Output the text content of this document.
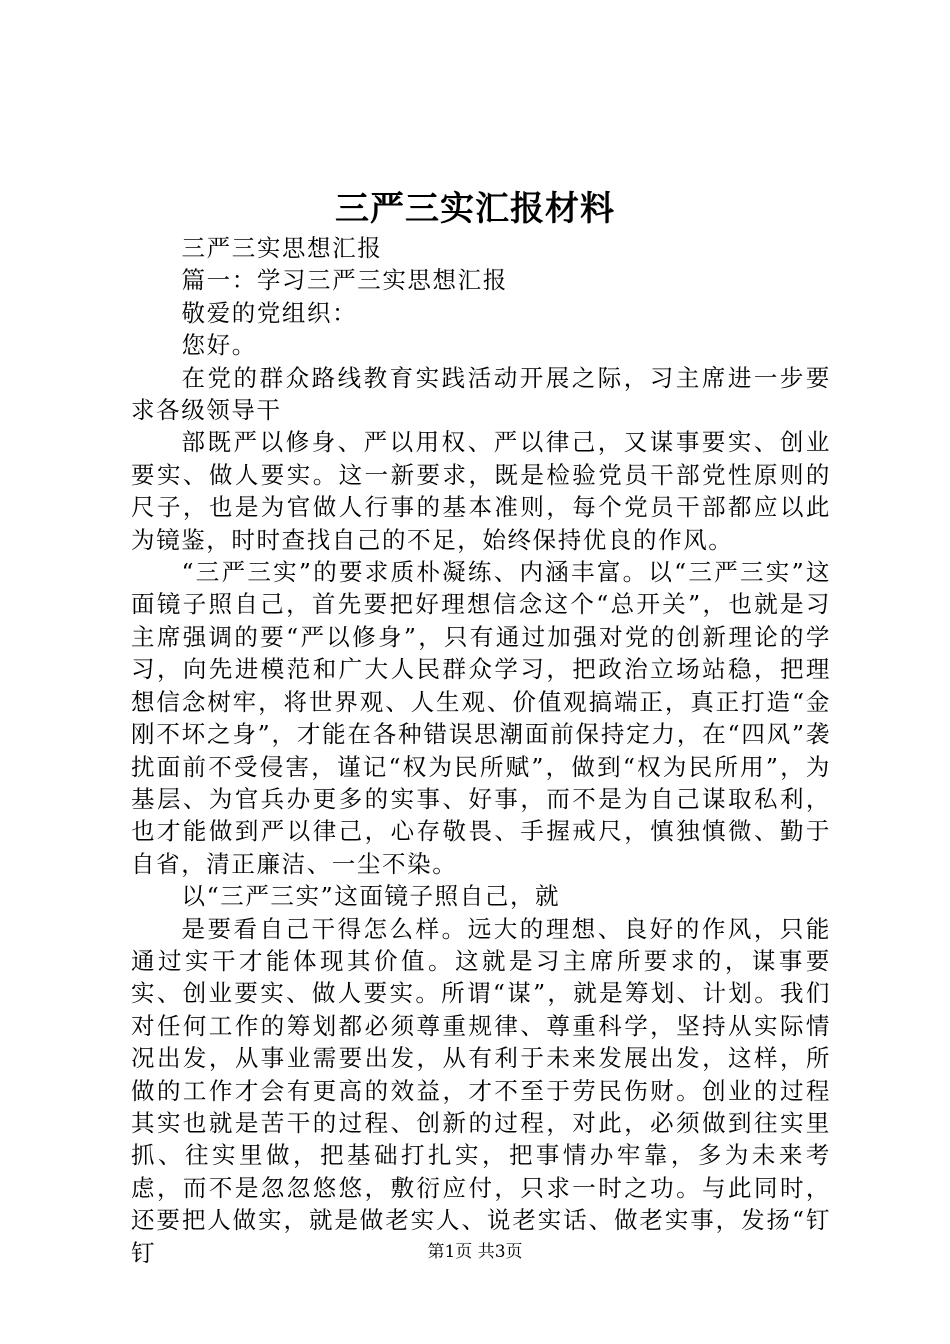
三严三实汇报材料

三严三实思想汇报

篇一：学习三严三实思想汇报

敬爱的党组织：

您好。

在党的群众路线教育实践活动开展之际，习主席进一步要求各级领导干

部既严以修身、严以用权、严以律己，又谋事要实、创业要实、做人要实。这一新要求，既是检验党员干部党性原则的尺子，也是为官做人行事的基本准则，每个党员干部都应以此为镜鉴，时时查找自己的不足，始终保持优良的作风。

“三严三实”的要求质朴凝练、内涵丰富。以“三严三实”这面镜子照自己，首先要把好理想信念这个“总开关”，也就是习主席强调的要“严以修身”，只有通过加强对党的创新理论的学习，向先进模范和广大人民群众学习，把政治立场站稳，把理想信念树牢，将世界观、人生观、价值观搞端正，真正打造“金刚不坏之身”，才能在各种错误思潮面前保持定力，在“四风”袭扰面前不受侵害，谨记“权为民所赋”，做到“权为民所用”，为基层、为官兵办更多的实事、好事，而不是为自己谋取私利，也才能做到严以律己，心存敬畏、手握戒尺，慎独慎微、勤于自省，清正廉洁、一尘不染。

以“三严三实”这面镜子照自己，就

是要看自己干得怎么样。远大的理想、良好的作风，只能通过实干才能体现其价值。这就是习主席所要求的，谋事要实、创业要实、做人要实。所谓“谋”，就是筹划、计划。我们对任何工作的筹划都必须尊重规律、尊重科学，坚持从实际情况出发，从事业需要出发，从有利于未来发展出发，这样，所做的工作才会有更高的效益，才不至于劳民伤财。创业的过程其实也就是苦干的过程、创新的过程，对此，必须做到往实里抓、往实里做，把基础打扎实，把事情办牢靠，多为未来考虑，而不是忽忽悠悠，敷衍应付，只求一时之功。与此同时，还要把人做实，就是做老实人、说老实话、做老实事，发扬“钉钉	第1页 共3页
